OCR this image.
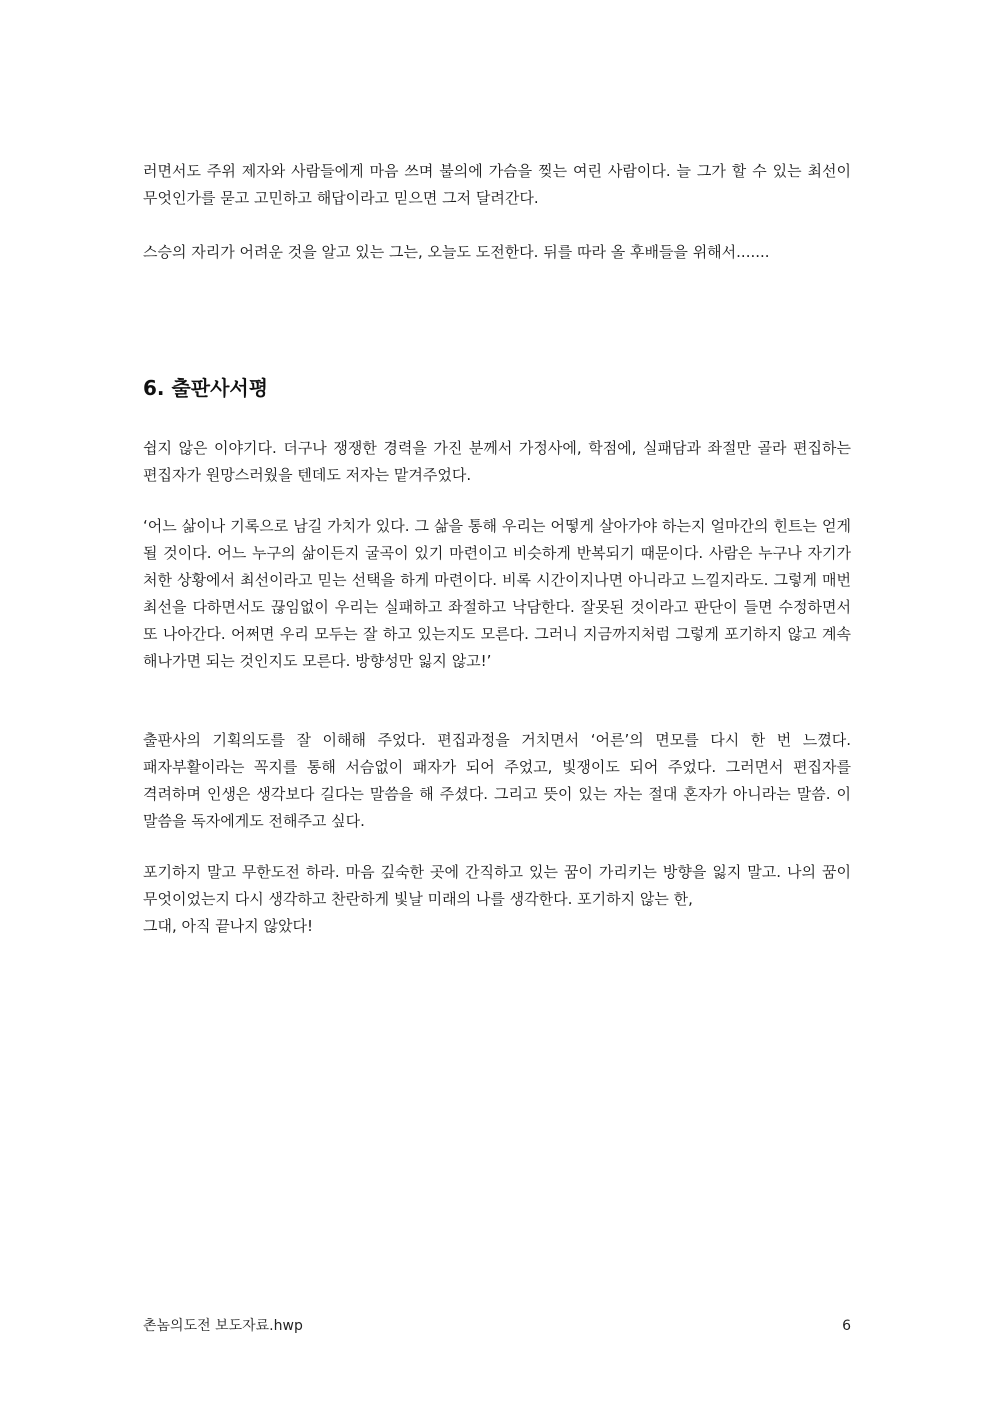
러면서도 주위 제자와 사람들에게 마음 쓰며 불의에 가슴을 찢는 여린 사람이다. 늘 그가 할 수 있는 최선이 무엇인가를 묻고 고민하고 해답이라고 믿으면 그저 달려간다.

스승의 자리가 어려운 것을 알고 있는 그는, 오늘도 도전한다. 뒤를 따라 올 후배들을 위해서.......

6. 출판사서평

쉽지 않은 이야기다. 더구나 쟁쟁한 경력을 가진 분께서 가정사에, 학점에, 실패담과 좌절만 골라 편집하는 편집자가 원망스러웠을 텐데도 저자는 맡겨주었다.

‘어느 삶이나 기록으로 남길 가치가 있다. 그 삶을 통해 우리는 어떻게 살아가야 하는지 얼마간의 힌트는 얻게 될 것이다. 어느 누구의 삶이든지 굴곡이 있기 마련이고 비슷하게 반복되기 때문이다. 사람은 누구나 자기가 처한 상황에서 최선이라고 믿는 선택을 하게 마련이다. 비록 시간이지나면 아니라고 느낄지라도. 그렇게 매번 최선을 다하면서도 끊임없이 우리는 실패하고 좌절하고 낙담한다. 잘못된 것이라고 판단이 들면 수정하면서 또 나아간다. 어쩌면 우리 모두는 잘 하고 있는지도 모른다. 그러니 지금까지처럼 그렇게 포기하지 않고 계속 해나가면 되는 것인지도 모른다. 방향성만 잃지 않고!’

출판사의 기획의도를 잘 이해해 주었다. 편집과정을 거치면서 ‘어른’의 면모를 다시 한 번 느꼈다. 패자부활이라는 꼭지를 통해 서슴없이 패자가 되어 주었고, 빛쟁이도 되어 주었다. 그러면서 편집자를 격려하며 인생은 생각보다 길다는 말씀을 해 주셨다. 그리고 뜻이 있는 자는 절대 혼자가 아니라는 말씀. 이 말씀을 독자에게도 전해주고 싶다.

포기하지 말고 무한도전 하라. 마음 깊숙한 곳에 간직하고 있는 꿈이 가리키는 방향을 잃지 말고. 나의 꿈이 무엇이었는지 다시 생각하고 찬란하게 빛날 미래의 나를 생각한다. 포기하지 않는 한,
그대, 아직 끝나지 않았다!

촌놈의도전 보도자료.hwp	6
